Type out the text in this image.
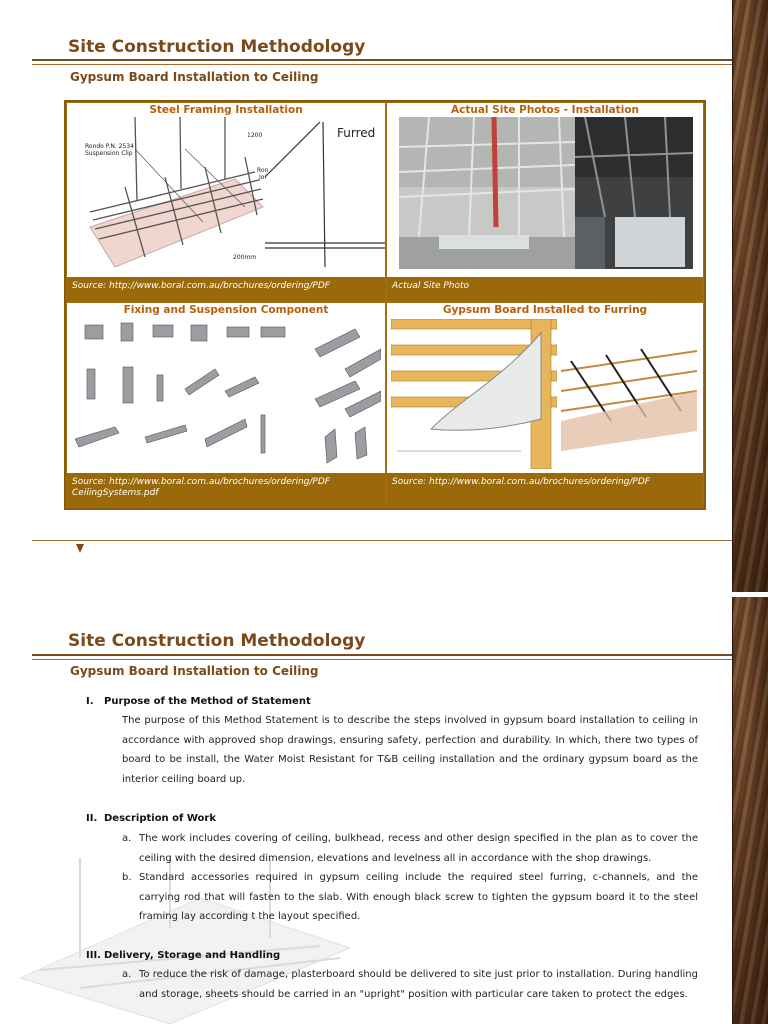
Site Construction Methodology
Gypsum Board Installation to Ceiling
Steel Framing Installation
Rondo P.N. 2534
Suspension Clip
1200
Ron
Joi
200mm
Furred
Source: http://www.boral.com.au/brochures/ordering/PDF
Actual Site Photos - Installation
Actual Site Photo
Fixing and Suspension Component
Source: http://www.boral.com.au/brochures/ordering/PDF
CeilingSystems.pdf
Gypsum Board Installed to Furring
Source: http://www.boral.com.au/brochures/ordering/PDF
Site Construction Methodology
Gypsum Board Installation to Ceiling
I. Purpose of the Method of Statement
The purpose of this Method Statement is to describe the steps involved in gypsum board installation to ceiling in accordance with approved shop drawings, ensuring safety, perfection and durability. In which, there two types of board to be install, the Water Moist Resistant for T&B ceiling installation and the ordinary gypsum board as the interior ceiling board up.
II. Description of Work
a. The work includes covering of ceiling, bulkhead, recess and other design specified in the plan as to cover the ceiling with the desired dimension, elevations and levelness all in accordance with the shop drawings.
b. Standard accessories required in gypsum ceiling include the required steel furring, c-channels, and the carrying rod that will fasten to the slab. With enough black screw to tighten the gypsum board it to the steel framing lay according t the layout specified.
III. Delivery, Storage and Handling
a. To reduce the risk of damage, plasterboard should be delivered to site just prior to installation. During handling and storage, sheets should be carried in an "upright" position with particular care taken to protect the edges.
